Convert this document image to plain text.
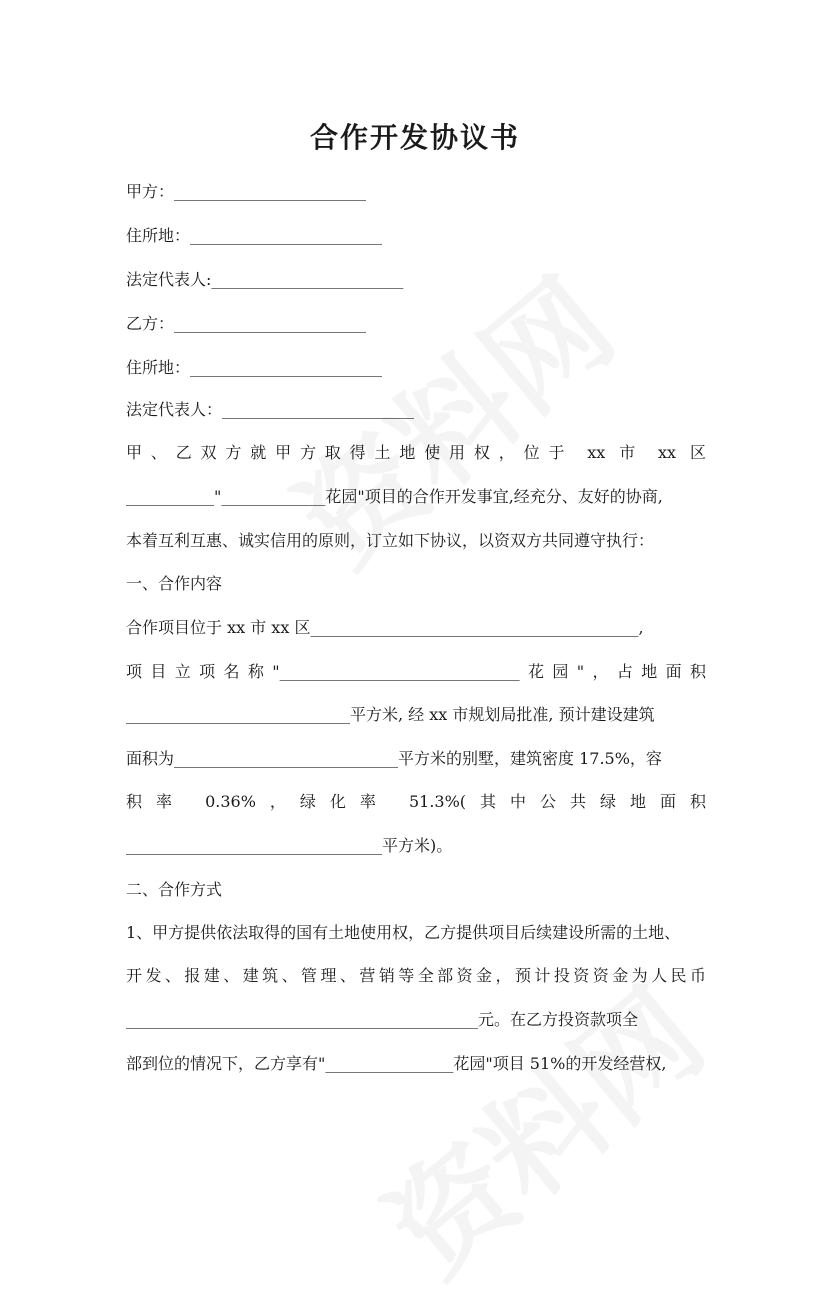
合作开发协议书
甲方：________________________
住所地：________________________
法定代表人:________________________
乙方：________________________
住所地：________________________
法定代表人：________________________
甲、乙双方就甲方取得土地使用权，位于 xx 市 xx 区
___________"_____________花园"项目的合作开发事宜,经充分、友好的协商,
本着互利互惠、诚实信用的原则，订立如下协议，以资双方共同遵守执行：
一、合作内容
合作项目位于 xx 市 xx 区_________________________________________,
项目立项名称"______________________________花园"，占地面积
____________________________平方米, 经 xx 市规划局批准, 预计建设建筑
面积为____________________________平方米的别墅，建筑密度 17.5%，容
积率 0.36%，绿化率 51.3%(其中公共绿地面积
________________________________平方米)。
二、合作方式
1、甲方提供依法取得的国有土地使用权，乙方提供项目后续建设所需的土地、
开发、报建、建筑、管理、营销等全部资金，预计投资资金为人民币
____________________________________________元。在乙方投资款项全
部到位的情况下，乙方享有"________________花园"项目 51%的开发经营权,
